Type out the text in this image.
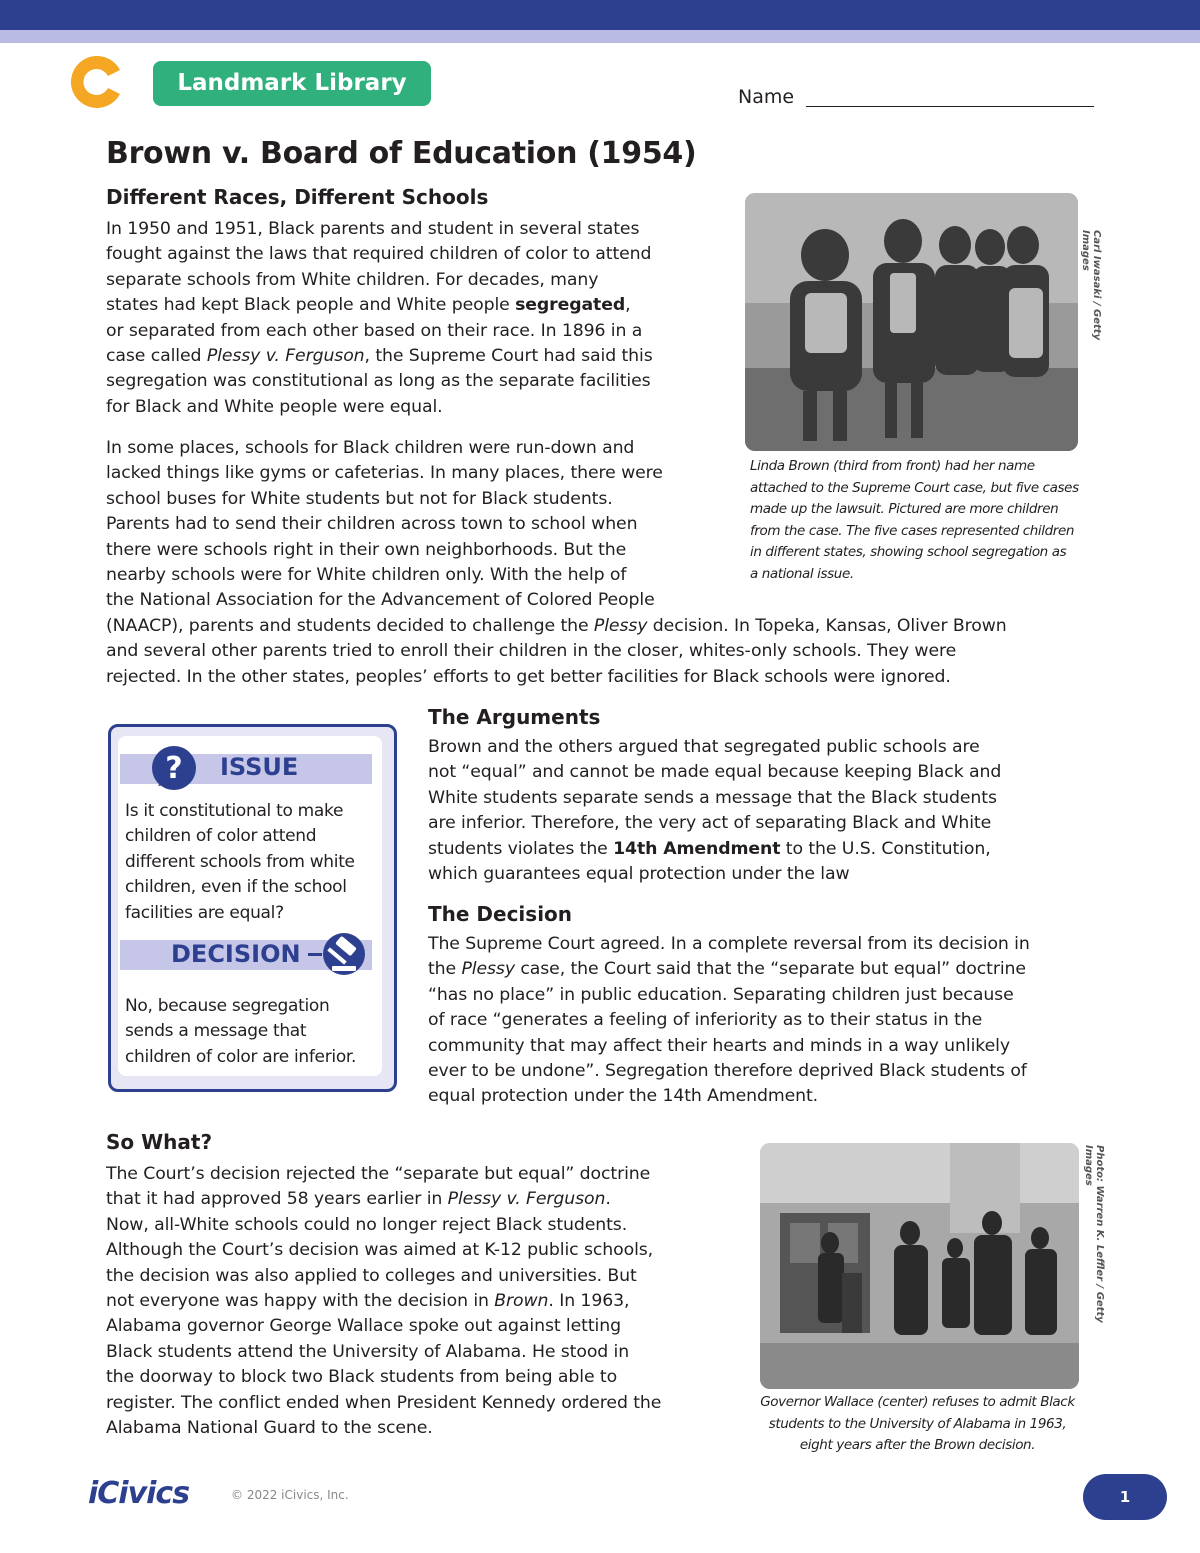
Landmark Library
Name
Brown v. Board of Education (1954)
Different Races, Different Schools

In 1950 and 1951, Black parents and student in several states

fought against the laws that required children of color to attend

separate schools from White children. For decades, many

states had kept Black people and White people segregated,

or separated from each other based on their race. In 1896 in a

case called Plessy v. Ferguson, the Supreme Court had said this

segregation was constitutional as long as the separate facilities

for Black and White people were equal.

In some places, schools for Black children were run-down and

lacked things like gyms or cafeterias. In many places, there were

school buses for White students but not for Black students.

Parents had to send their children across town to school when

there were schools right in their own neighborhoods. But the

nearby schools were for White children only. With the help of

the National Association for the Advancement of Colored People

(NAACP), parents and students decided to challenge the Plessy decision. In Topeka, Kansas, Oliver Brown

and several other parents tried to enroll their children in the closer, whites-only schools. They were

rejected. In the other states, peoples’ efforts to get better facilities for Black schools were ignored.

Carl Iwasaki / Getty Images
Linda Brown (third from front) had her name
attached to the Supreme Court case, but five cases
made up the lawsuit. Pictured are more children
from the case. The five cases represented children
in different states, showing school segregation as
a national issue.
? ISSUE
Is it constitutional to make
children of color attend
different schools from white
children, even if the school
facilities are equal?
DECISION
No, because segregation
sends a message that
children of color are inferior.
The Arguments

Brown and the others argued that segregated public schools are

not “equal” and cannot be made equal because keeping Black and

White students separate sends a message that the Black students

are inferior. Therefore, the very act of separating Black and White

students violates the 14th Amendment to the U.S. Constitution,

which guarantees equal protection under the law

The Decision

The Supreme Court agreed. In a complete reversal from its decision in

the Plessy case, the Court said that the “separate but equal” doctrine

“has no place” in public education. Separating children just because

of race “generates a feeling of inferiority as to their status in the

community that may affect their hearts and minds in a way unlikely

ever to be undone”. Segregation therefore deprived Black students of

equal protection under the 14th Amendment.

So What?

The Court’s decision rejected the “separate but equal” doctrine

that it had approved 58 years earlier in Plessy v. Ferguson.

Now, all-White schools could no longer reject Black students.

Although the Court’s decision was aimed at K-12 public schools,

the decision was also applied to colleges and universities. But

not everyone was happy with the decision in Brown. In 1963,

Alabama governor George Wallace spoke out against letting

Black students attend the University of Alabama. He stood in

the doorway to block two Black students from being able to

register. The conflict ended when President Kennedy ordered the

Alabama National Guard to the scene.

Photo: Warren K. Leffler / Getty Images
Governor Wallace (center) refuses to admit Black
students to the University of Alabama in 1963,
eight years after the Brown decision.
iCivics	© 2022 iCivics, Inc.	1
